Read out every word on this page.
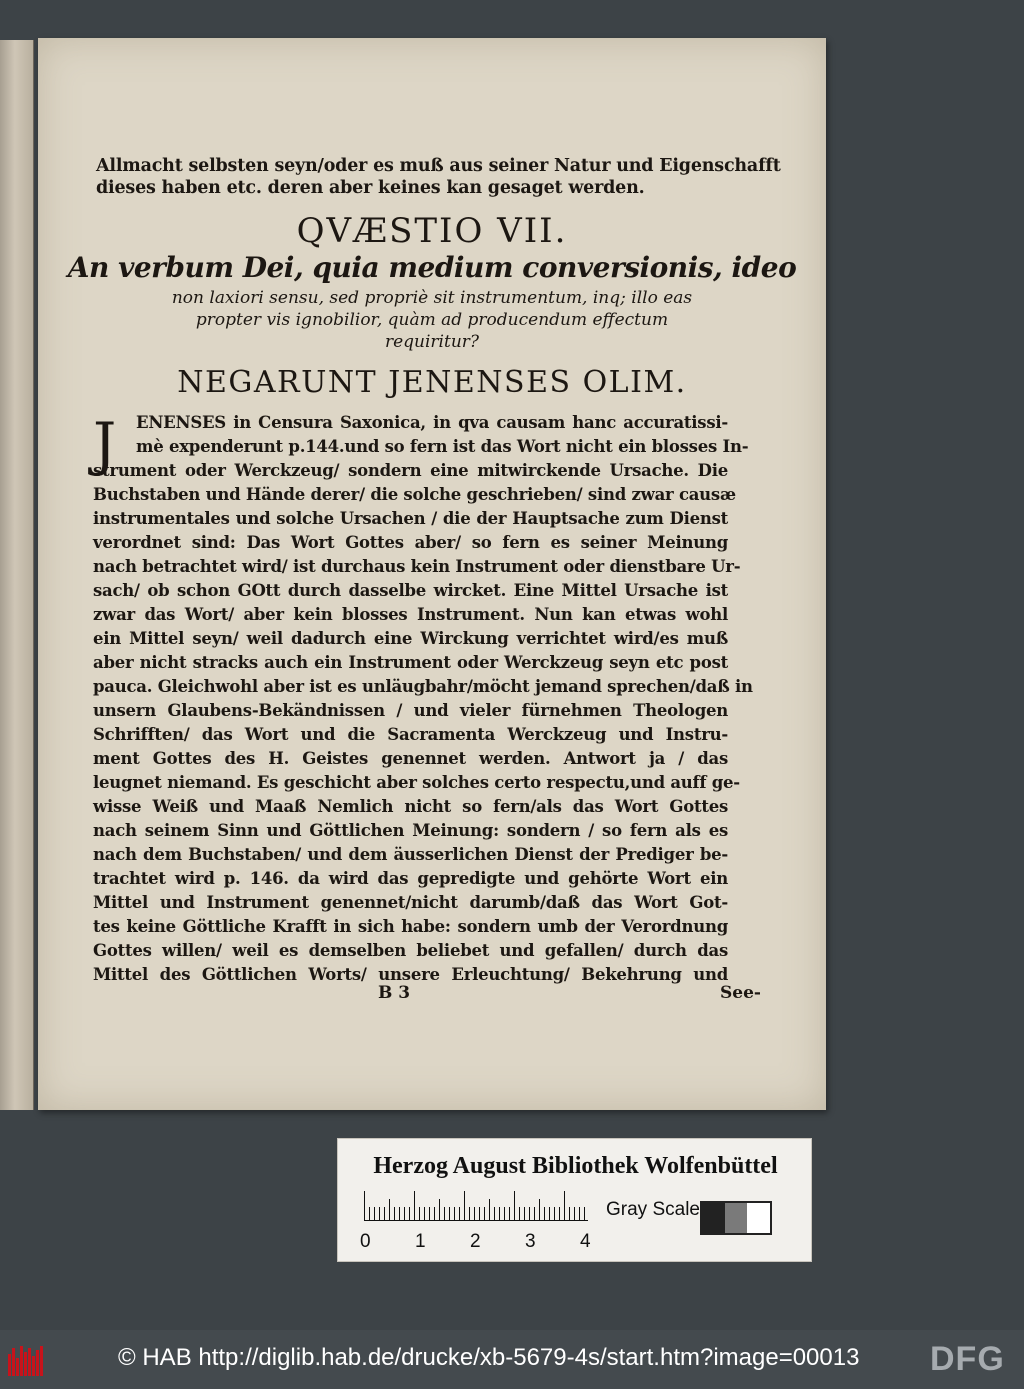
Allmacht selbsten seyn/oder es muß aus seiner Natur und Eigenschafft
dieses haben etc. deren aber keines kan gesaget werden.
QVÆSTIO VII.
An verbum Dei, quia medium conversionis, ideo
non laxiori sensu, sed propriè sit instrumentum, inq; illo eas
propter vis ignobilior, quàm ad producendum effectum
requiritur?
NEGARUNT JENENSES OLIM.
J ENENSES in Censura Saxonica, in qva causam hanc accuratissi-
mè expenderunt p.144.und so fern ist das Wort nicht ein blosses In-
strument oder Werckzeug/ sondern eine mitwirckende Ursache. Die
Buchstaben und Hände derer/ die solche geschrieben/ sind zwar causæ
instrumentales und solche Ursachen / die der Hauptsache zum Dienst
verordnet sind: Das Wort Gottes aber/ so fern es seiner Meinung
nach betrachtet wird/ ist durchaus kein Instrument oder dienstbare Ur-
sach/ ob schon GOtt durch dasselbe wircket. Eine Mittel Ursache ist
zwar das Wort/ aber kein blosses Instrument. Nun kan etwas wohl
ein Mittel seyn/ weil dadurch eine Wirckung verrichtet wird/es muß
aber nicht stracks auch ein Instrument oder Werckzeug seyn etc post
pauca. Gleichwohl aber ist es unläugbahr/möcht jemand sprechen/daß in
unsern Glaubens-Bekändnissen / und vieler fürnehmen Theologen
Schrifften/ das Wort und die Sacramenta Werckzeug und Instru-
ment Gottes des H. Geistes genennet werden. Antwort ja / das
leugnet niemand. Es geschicht aber solches certo respectu,und auff ge-
wisse Weiß und Maaß Nemlich nicht so fern/als das Wort Gottes
nach seinem Sinn und Göttlichen Meinung: sondern / so fern als es
nach dem Buchstaben/ und dem äusserlichen Dienst der Prediger be-
trachtet wird p. 146. da wird das gepredigte und gehörte Wort ein
Mittel und Instrument genennet/nicht darumb/daß das Wort Got-
tes keine Göttliche Krafft in sich habe: sondern umb der Verordnung
Gottes willen/ weil es demselben beliebet und gefallen/ durch das
Mittel des Göttlichen Worts/ unsere Erleuchtung/ Bekehrung und
B 3	See-
Herzog August Bibliothek Wolfenbüttel
0 1 2 3 4
Gray Scale
© HAB http://diglib.hab.de/drucke/xb-5679-4s/start.htm?image=00013 DFG
